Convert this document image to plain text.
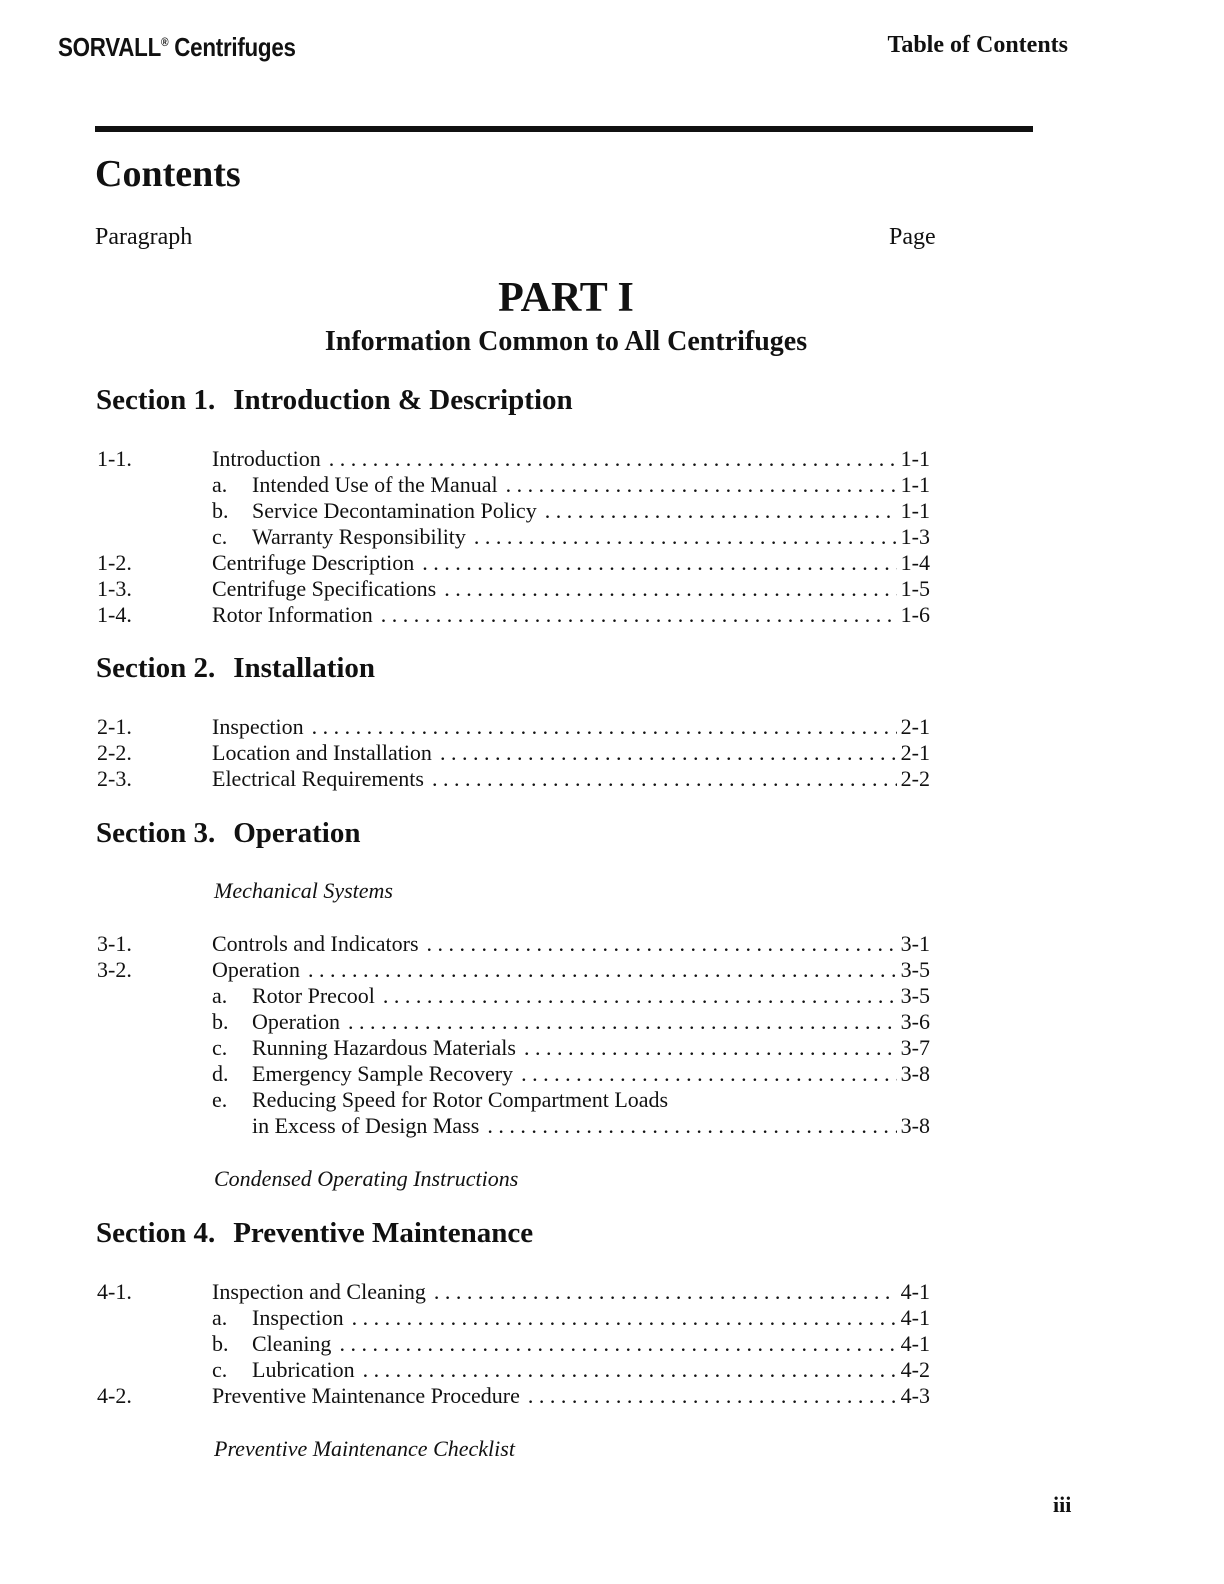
SORVALL® Centrifuges	Table of Contents
Contents
Paragraph	Page
PART I
Information Common to All Centrifuges
Section 1. Introduction & Description
1-1.	Introduction . . .	1-1
a.	Intended Use of the Manual . . .	1-1
b.	Service Decontamination Policy . . .	1-1
c.	Warranty Responsibility . . .	1-3
1-2.	Centrifuge Description . . .	1-4
1-3.	Centrifuge Specifications . . .	1-5
1-4.	Rotor Information . . .	1-6
Section 2. Installation
2-1.	Inspection . . .	2-1
2-2.	Location and Installation . . .	2-1
2-3.	Electrical Requirements . . .	2-2
Section 3. Operation
Mechanical Systems
3-1.	Controls and Indicators . . .	3-1
3-2.	Operation . . .	3-5
a.	Rotor Precool . . .	3-5
b.	Operation . . .	3-6
c.	Running Hazardous Materials . . .	3-7
d.	Emergency Sample Recovery . . .	3-8
e.	Reducing Speed for Rotor Compartment Loads
in Excess of Design Mass . . .	3-8
Condensed Operating Instructions
Section 4. Preventive Maintenance
4-1.	Inspection and Cleaning . . .	4-1
a.	Inspection . . .	4-1
b.	Cleaning . . .	4-1
c.	Lubrication . . .	4-2
4-2.	Preventive Maintenance Procedure . . .	4-3
Preventive Maintenance Checklist
iii
